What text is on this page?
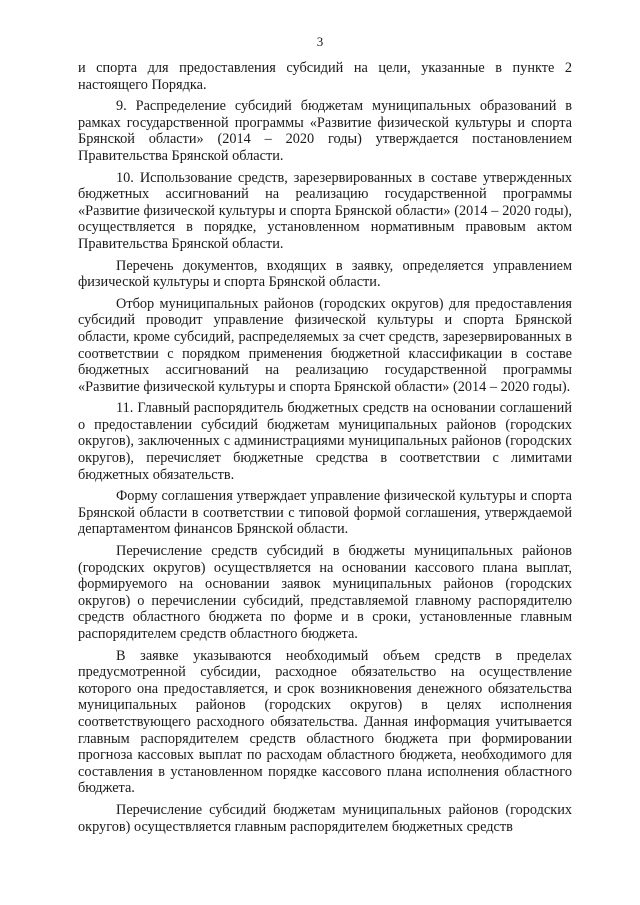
3

и спорта для предоставления субсидий на цели, указанные в пункте 2 настоящего Порядка.

9. Распределение субсидий бюджетам муниципальных образований в рамках государственной программы «Развитие физической культуры и спорта Брянской области» (2014 – 2020 годы) утверждается постановлением Правительства Брянской области.

10. Использование средств, зарезервированных в составе утвержденных бюджетных ассигнований на реализацию государственной программы «Развитие физической культуры и спорта Брянской области» (2014 – 2020 годы), осуществляется в порядке, установленном нормативным правовым актом Правительства Брянской области.

Перечень документов, входящих в заявку, определяется управлением физической культуры и спорта Брянской области.

Отбор муниципальных районов (городских округов) для предоставления субсидий проводит управление физической культуры и спорта Брянской области, кроме субсидий, распределяемых за счет средств, зарезервированных в соответствии с порядком применения бюджетной классификации в составе бюджетных ассигнований на реализацию государственной программы «Развитие физической культуры и спорта Брянской области» (2014 – 2020 годы).

11. Главный распорядитель бюджетных средств на основании соглашений о предоставлении субсидий бюджетам муниципальных районов (городских округов), заключенных с администрациями муниципальных районов (городских округов), перечисляет бюджетные средства в соответствии с лимитами бюджетных обязательств.

Форму соглашения утверждает управление физической культуры и спорта Брянской области в соответствии с типовой формой соглашения, утверждаемой департаментом финансов Брянской области.

Перечисление средств субсидий в бюджеты муниципальных районов (городских округов) осуществляется на основании кассового плана выплат, формируемого на основании заявок муниципальных районов (городских округов) о перечислении субсидий, представляемой главному распорядителю средств областного бюджета по форме и в сроки, установленные главным распорядителем средств областного бюджета.

В заявке указываются необходимый объем средств в пределах предусмотренной субсидии, расходное обязательство на осуществление которого она предоставляется, и срок возникновения денежного обязательства муниципальных районов (городских округов) в целях исполнения соответствующего расходного обязательства. Данная информация учитывается главным распорядителем средств областного бюджета при формировании прогноза кассовых выплат по расходам областного бюджета, необходимого для составления в установленном порядке кассового плана исполнения областного бюджета.

Перечисление субсидий бюджетам муниципальных районов (городских округов) осуществляется главным распорядителем бюджетных средств
